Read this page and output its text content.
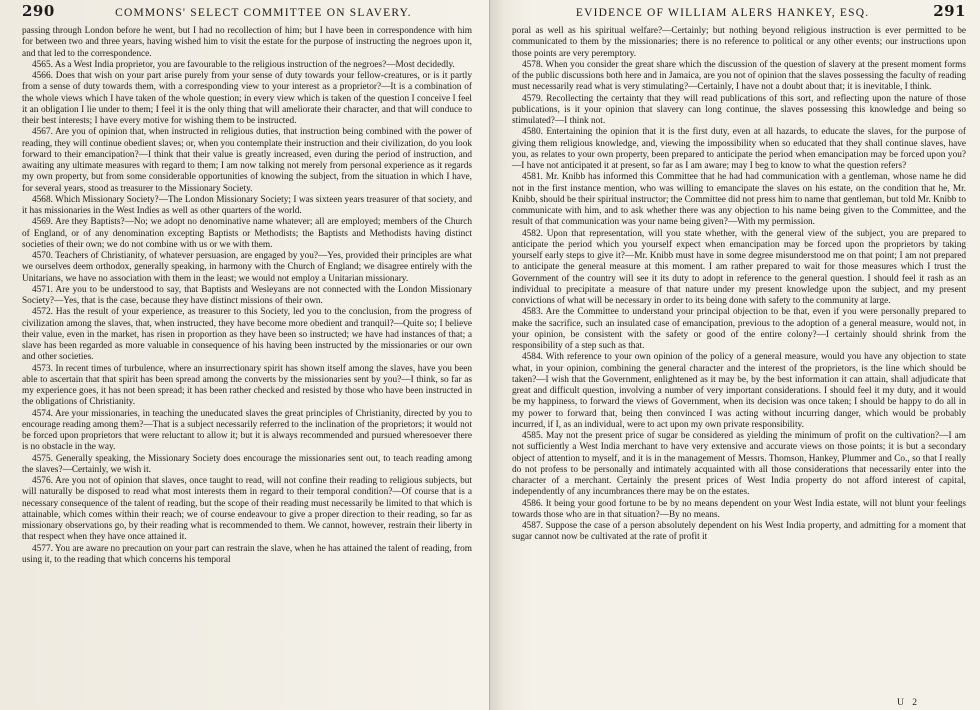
290	COMMONS' SELECT COMMITTEE ON SLAVERY.

passing through London before he went, but I had no recollection of him; but I have been in correspondence with him for between two and three years, having wished him to visit the estate for the purpose of instructing the negroes upon it, and that led to the correspondence.

4565. As a West India proprietor, you are favourable to the religious instruction of the negroes?—Most decidedly.

4566. Does that wish on your part arise purely from your sense of duty towards your fellow-creatures, or is it partly from a sense of duty towards them, with a corresponding view to your interest as a proprietor?—It is a combination of the whole views which I have taken of the whole question; in every view which is taken of the question I conceive I feel it an obligation I lie under to them; I feel it is the only thing that will ameliorate their character, and that will conduce to their best interests; I have every motive for wishing them to be instructed.

4567. Are you of opinion that, when instructed in religious duties, that instruction being combined with the power of reading, they will continue obedient slaves; or, when you contemplate their instruction and their civilization, do you look forward to their emancipation?—I think that their value is greatly increased, even during the period of instruction, and awaiting any ultimate measures with regard to them; I am now talking not merely from personal experience as it regards my own property, but from some considerable opportunities of knowing the subject, from the situation in which I have, for several years, stood as treasurer to the Missionary Society.

4568. Which Missionary Society?—The London Missionary Society; I was sixteen years treasurer of that society, and it has missionaries in the West Indies as well as other quarters of the world.

4569. Are they Baptists?—No; we adopt no denominative name whatever; all are employed; members of the Church of England, or of any denomination excepting Baptists or Methodists; the Baptists and Methodists having distinct societies of their own; we do not combine with us or we with them.

4570. Teachers of Christianity, of whatever persuasion, are engaged by you?—Yes, provided their principles are what we ourselves deem orthodox, generally speaking, in harmony with the Church of England; we disagree entirely with the Unitarians, we have no association with them in the least; we would not employ a Unitarian missionary.

4571. Are you to be understood to say, that Baptists and Wesleyans are not connected with the London Missionary Society?—Yes, that is the case, because they have distinct missions of their own.

4572. Has the result of your experience, as treasurer to this Society, led you to the conclusion, from the progress of civilization among the slaves, that, when instructed, they have become more obedient and tranquil?—Quite so; I believe their value, even in the market, has risen in proportion as they have been so instructed; we have had instances of that; a slave has been regarded as more valuable in consequence of his having been instructed by the missionaries or our own and other societies.

4573. In recent times of turbulence, where an insurrectionary spirit has shown itself among the slaves, have you been able to ascertain that that spirit has been spread among the converts by the missionaries sent by you?—I think, so far as my experience goes, it has not been spread; it has been rather checked and resisted by those who have been instructed in the obligations of Christianity.

4574. Are your missionaries, in teaching the uneducated slaves the great principles of Christianity, directed by you to encourage reading among them?—That is a subject necessarily referred to the inclination of the proprietors; it would not be forced upon proprietors that were reluctant to allow it; but it is always recommended and pursued wheresoever there is no obstacle in the way.

4575. Generally speaking, the Missionary Society does encourage the missionaries sent out, to teach reading among the slaves?—Certainly, we wish it.

4576. Are you not of opinion that slaves, once taught to read, will not confine their reading to religious subjects, but will naturally be disposed to read what most interests them in regard to their temporal condition?—Of course that is a necessary consequence of the talent of reading, but the scope of their reading must necessarily be limited to that which is attainable, which comes within their reach; we of course endeavour to give a proper direction to their reading, so far as missionary observations go, by their reading what is recommended to them. We cannot, however, restrain their liberty in that respect when they have once attained it.

4577. You are aware no precaution on your part can restrain the slave, when he has attained the talent of reading, from using it, to the reading that which concerns his temporal

EVIDENCE OF WILLIAM ALERS HANKEY, ESQ.	291

poral as well as his spiritual welfare?—Certainly; but nothing beyond religious instruction is ever permitted to be communicated to them by the missionaries; there is no reference to political or any other events; our instructions upon those points are very peremptory.

4578. When you consider the great share which the discussion of the question of slavery at the present moment forms of the public discussions both here and in Jamaica, are you not of opinion that the slaves possessing the faculty of reading must necessarily read what is very stimulating?—Certainly, I have not a doubt about that; it is inevitable, I think.

4579. Recollecting the certainty that they will read publications of this sort, and reflecting upon the nature of those publications, is it your opinion that slavery can long continue, the slaves possessing this knowledge and being so stimulated?—I think not.

4580. Entertaining the opinion that it is the first duty, even at all hazards, to educate the slaves, for the purpose of giving them religious knowledge, and, viewing the impossibility when so educated that they shall continue slaves, have you, as relates to your own property, been prepared to anticipate the period when emancipation may be forced upon you?—I have not anticipated it at present, so far as I am aware; may I beg to know to what the question refers?

4581. Mr. Knibb has informed this Committee that he had had communication with a gentleman, whose name he did not in the first instance mention, who was willing to emancipate the slaves on his estate, on the condition that he, Mr. Knibb, should be their spiritual instructor; the Committee did not press him to name that gentleman, but told Mr. Knibb to communicate with him, and to ask whether there was any objection to his name being given to the Committee, and the result of that communication was your name being given?—With my permission.

4582. Upon that representation, will you state whether, with the general view of the subject, you are prepared to anticipate the period which you yourself expect when emancipation may be forced upon the proprietors by taking yourself early steps to give it?—Mr. Knibb must have in some degree misunderstood me on that point; I am not prepared to anticipate the general measure at this moment. I am rather prepared to wait for those measures which I trust the Government of the country will see it its duty to adopt in reference to the general question. I should feel it rash as an individual to precipitate a measure of that nature under my present knowledge upon the subject, and my present convictions of what will be necessary in order to its being done with safety to the community at large.

4583. Are the Committee to understand your principal objection to be that, even if you were personally prepared to make the sacrifice, such an insulated case of emancipation, previous to the adoption of a general measure, would not, in your opinion, be consistent with the safety or good of the entire colony?—I certainly should shrink from the responsibility of a step such as that.

4584. With reference to your own opinion of the policy of a general measure, would you have any objection to state what, in your opinion, combining the general character and the interest of the proprietors, is the line which should be taken?—I wish that the Government, enlightened as it may be, by the best information it can attain, shall adjudicate that great and difficult question, involving a number of very important considerations. I should feel it my duty, and it would be my happiness, to forward the views of Government, when its decision was once taken; I should be happy to do all in my power to forward that, being then convinced I was acting without incurring danger, which would be probably incurred, if I, as an individual, were to act upon my own private responsibility.

4585. May not the present price of sugar be considered as yielding the minimum of profit on the cultivation?—I am not sufficiently a West India merchant to have very extensive and accurate views on those points; it is but a secondary object of attention to myself, and it is in the management of Messrs. Thomson, Hankey, Plummer and Co., so that I really do not profess to be personally and intimately acquainted with all those considerations that necessarily enter into the character of a merchant. Certainly the present prices of West India property do not afford interest of capital, independently of any incumbrances there may be on the estates.

4586. It being your good fortune to be by no means dependent on your West India estate, will not blunt your feelings towards those who are in that situation?—By no means.

4587. Suppose the case of a person absolutely dependent on his West India property, and admitting for a moment that sugar cannot now be cultivated at the rate of profit it

U 2
